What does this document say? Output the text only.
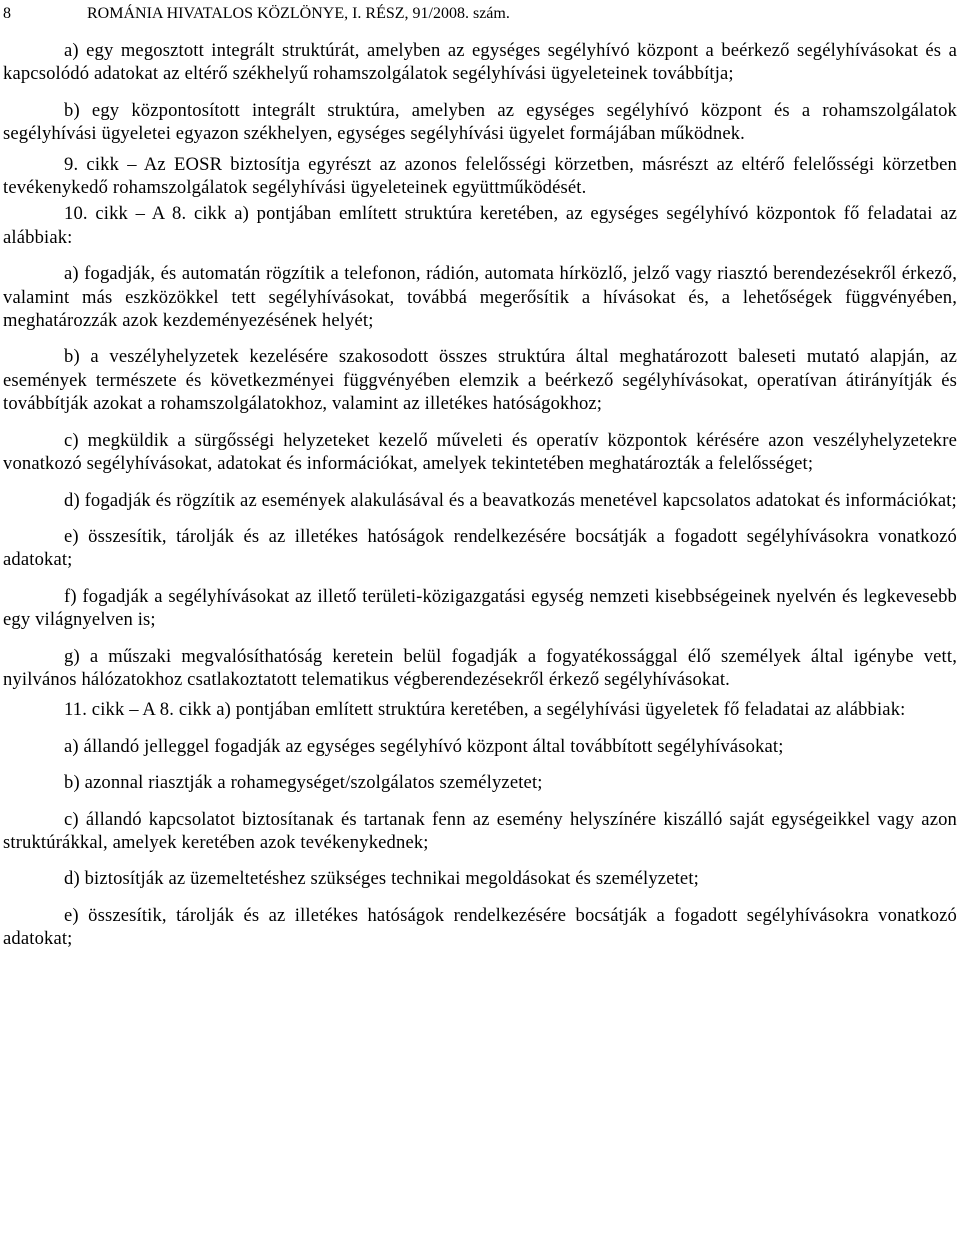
8	ROMÁNIA HIVATALOS KÖZLÖNYE, I. RÉSZ, 91/2008. szám.

a) egy megosztott integrált struktúrát, amelyben az egységes segélyhívó központ a beérkező segélyhívásokat és a kapcsolódó adatokat az eltérő székhelyű rohamszolgálatok segélyhívási ügyeleteinek továbbítja;

b) egy központosított integrált struktúra, amelyben az egységes segélyhívó központ és a rohamszolgálatok segélyhívási ügyeletei egyazon székhelyen, egységes segélyhívási ügyelet formájában működnek.

9. cikk – Az EOSR biztosítja egyrészt az azonos felelősségi körzetben, másrészt az eltérő felelősségi körzetben tevékenykedő rohamszolgálatok segélyhívási ügyeleteinek együttműködését.

10. cikk – A 8. cikk a) pontjában említett struktúra keretében, az egységes segélyhívó központok fő feladatai az alábbiak:

a) fogadják, és automatán rögzítik a telefonon, rádión, automata hírközlő, jelző vagy riasztó berendezésekről érkező, valamint más eszközökkel tett segélyhívásokat, továbbá megerősítik a hívásokat és, a lehetőségek függvényében, meghatározzák azok kezdeményezésének helyét;

b) a veszélyhelyzetek kezelésére szakosodott összes struktúra által meghatározott baleseti mutató alapján, az események természete és következményei függvényében elemzik a beérkező segélyhívásokat, operatívan átirányítják és továbbítják azokat a rohamszolgálatokhoz, valamint az illetékes hatóságokhoz;

c) megküldik a sürgősségi helyzeteket kezelő műveleti és operatív központok kérésére azon veszélyhelyzetekre vonatkozó segélyhívásokat, adatokat és információkat, amelyek tekintetében meghatározták a felelősséget;

d) fogadják és rögzítik az események alakulásával és a beavatkozás menetével kapcsolatos adatokat és információkat;

e) összesítik, tárolják és az illetékes hatóságok rendelkezésére bocsátják a fogadott segélyhívásokra vonatkozó adatokat;

f) fogadják a segélyhívásokat az illető területi-közigazgatási egység nemzeti kisebbségeinek nyelvén és legkevesebb egy világnyelven is;

g) a műszaki megvalósíthatóság keretein belül fogadják a fogyatékossággal élő személyek által igénybe vett, nyilvános hálózatokhoz csatlakoztatott telematikus végberendezésekről érkező segélyhívásokat.

11. cikk – A 8. cikk a) pontjában említett struktúra keretében, a segélyhívási ügyeletek fő feladatai az alábbiak:

a) állandó jelleggel fogadják az egységes segélyhívó központ által továbbított segélyhívásokat;

b) azonnal riasztják a rohamegységet/szolgálatos személyzetet;

c) állandó kapcsolatot biztosítanak és tartanak fenn az esemény helyszínére kiszálló saját egységeikkel vagy azon struktúrákkal, amelyek keretében azok tevékenykednek;

d) biztosítják az üzemeltetéshez szükséges technikai megoldásokat és személyzetet;

e) összesítik, tárolják és az illetékes hatóságok rendelkezésére bocsátják a fogadott segélyhívásokra vonatkozó adatokat;
